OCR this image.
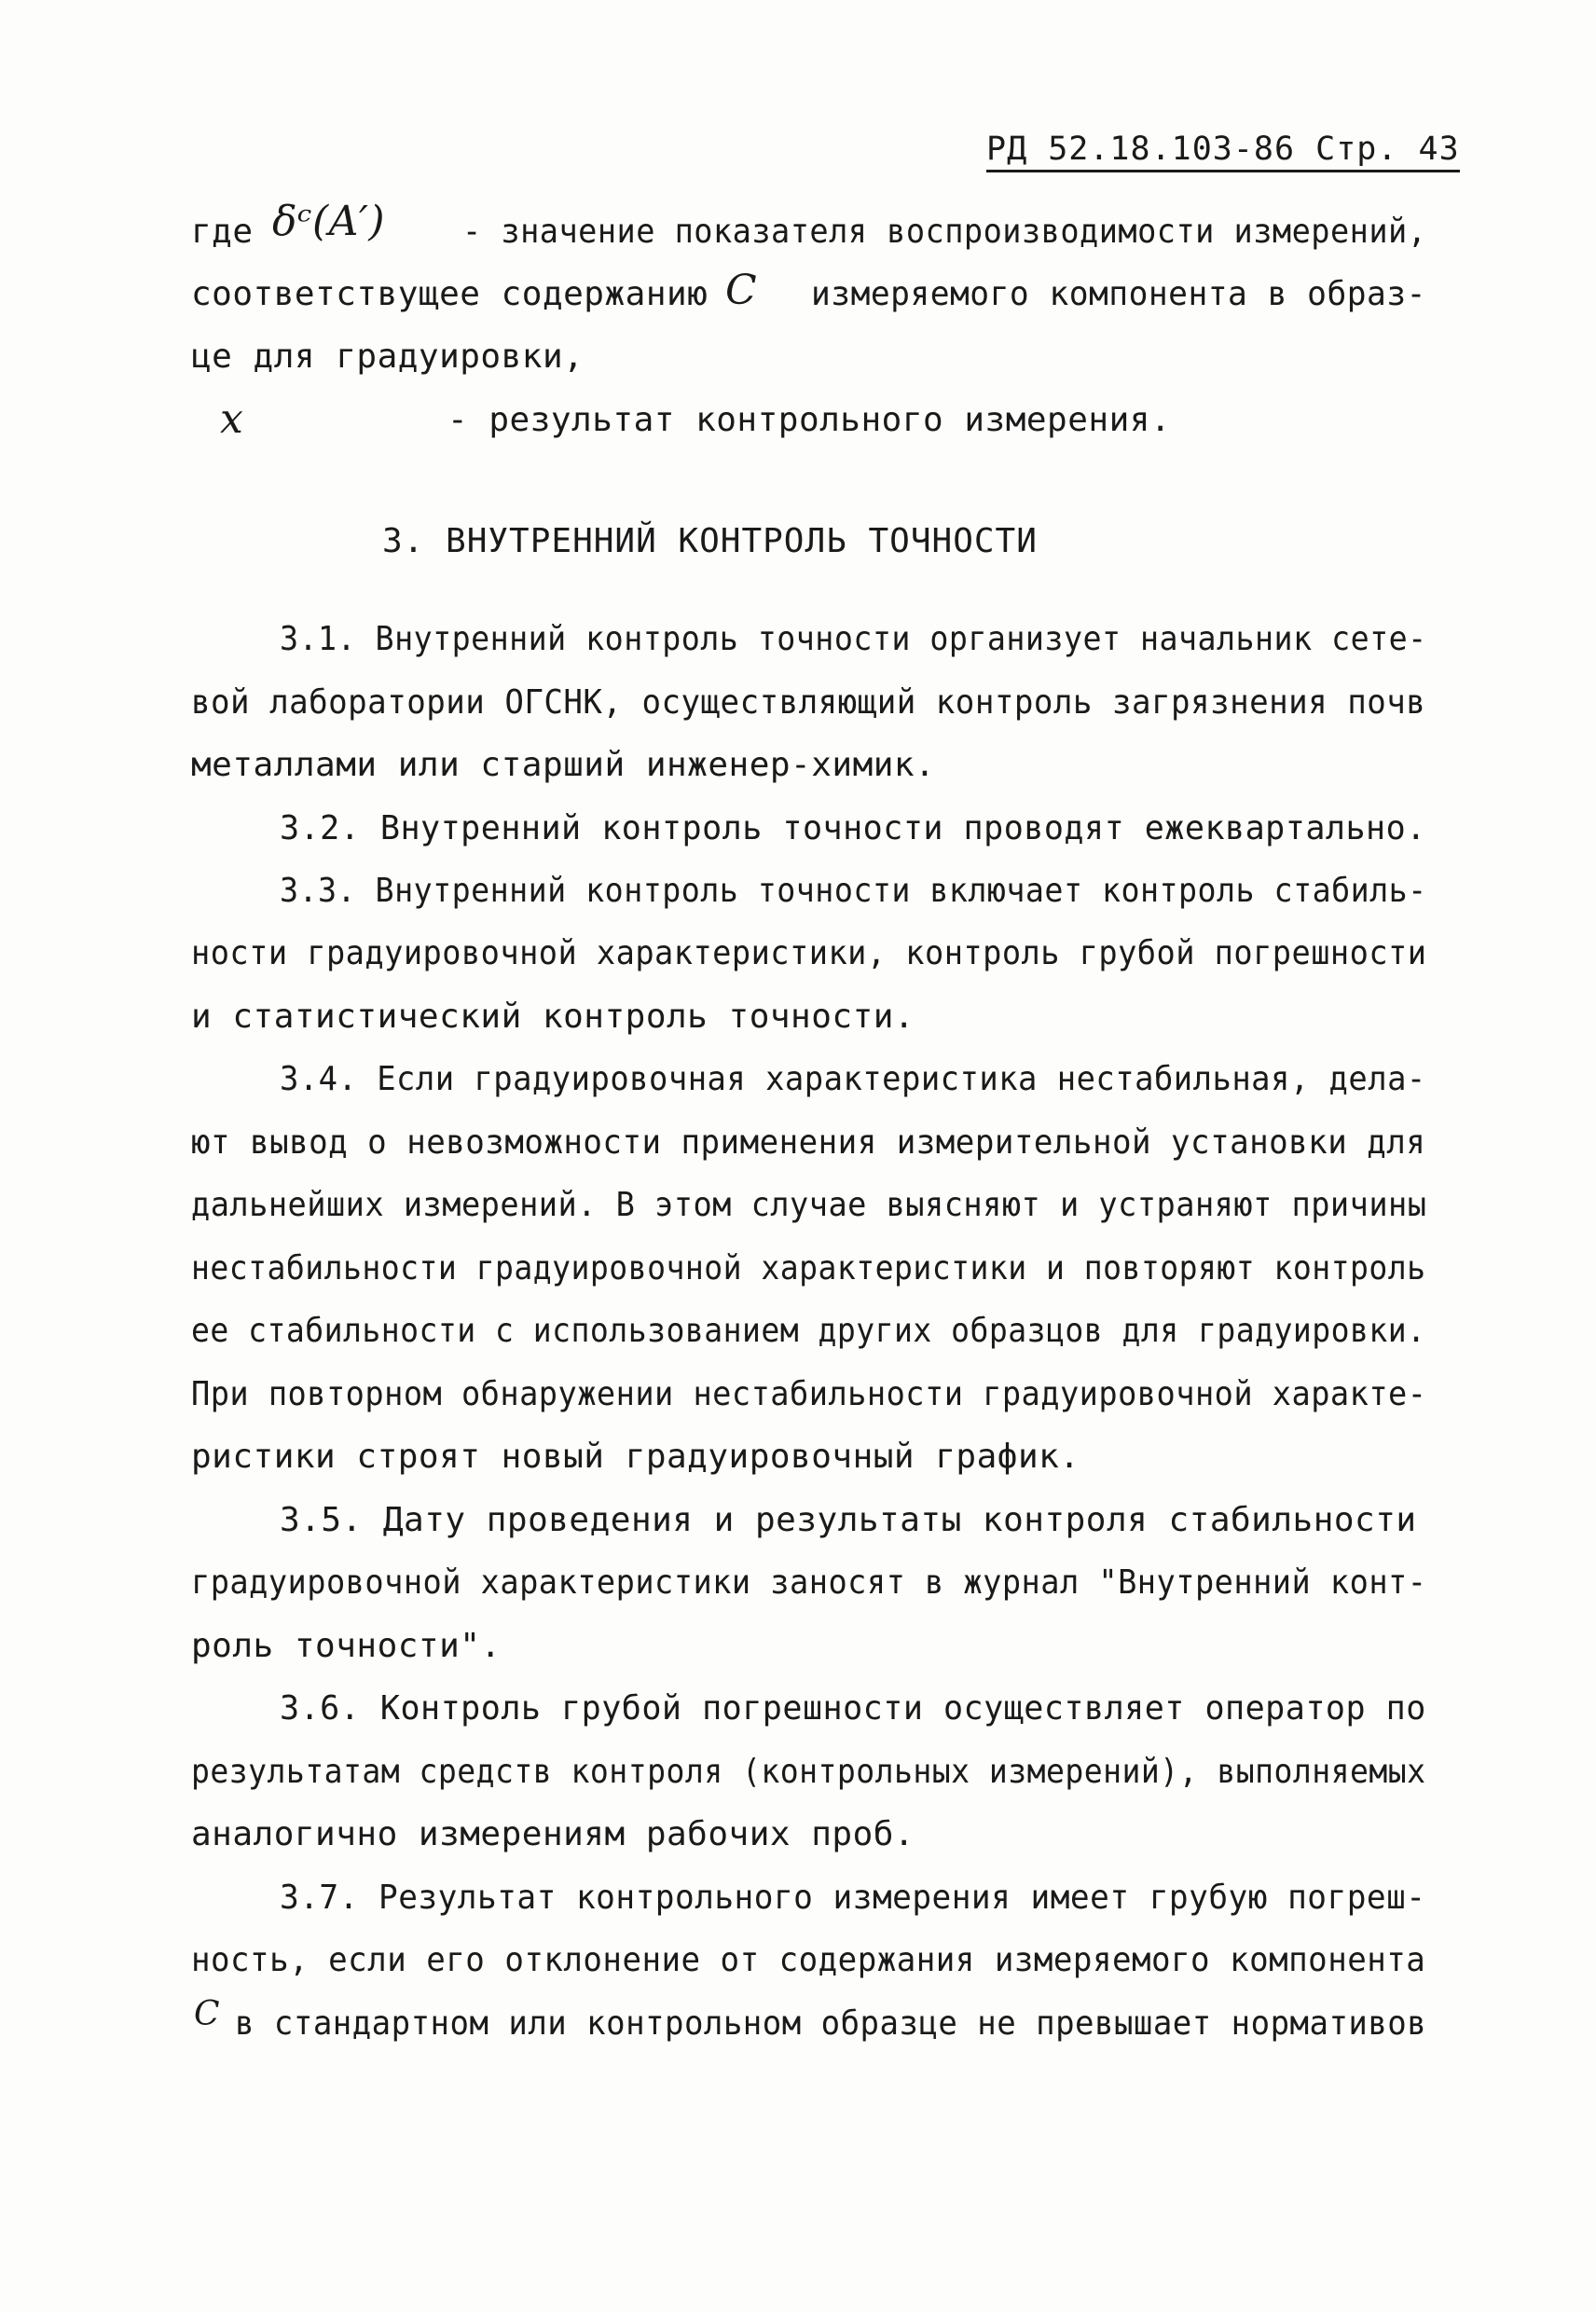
РД 52.18.103-86 Стр. 43
где δᶜ(A′) - значение показателя воспроизводимости измерений,
соответствущее содержанию C измеряемого компонента в образ-
це для градуировки,
x	- результат контрольного измерения.
3. ВНУТРЕННИЙ КОНТРОЛЬ ТОЧНОСТИ
3.1. Внутренний контроль точности организует начальник сете-
вой лаборатории ОГСНК, осуществляющий контроль загрязнения почв
металлами или старший инженер-химик.
3.2. Внутренний контроль точности проводят ежеквартально.
3.3. Внутренний контроль точности включает контроль стабиль-
ности градуировочной характеристики, контроль грубой погрешности
и статистический контроль точности.
3.4. Если градуировочная характеристика нестабильная, дела-
ют вывод о невозможности применения измерительной установки для
дальнейших измерений. В этом случае выясняют и устраняют причины
нестабильности градуировочной характеристики и повторяют контроль
ее стабильности с использованием других образцов для градуировки.
При повторном обнаружении нестабильности градуировочной характе-
ристики строят новый градуировочный график.
3.5. Дату проведения и результаты контроля стабильности
градуировочной характеристики заносят в журнал "Внутренний конт-
роль точности".
3.6. Контроль грубой погрешности осуществляет оператор по
результатам средств контроля (контрольных измерений), выполняемых
аналогично измерениям рабочих проб.
3.7. Результат контрольного измерения имеет грубую погреш-
ность, если его отклонение от содержания измеряемого компонента
C в стандартном или контрольном образце не превышает нормативов
